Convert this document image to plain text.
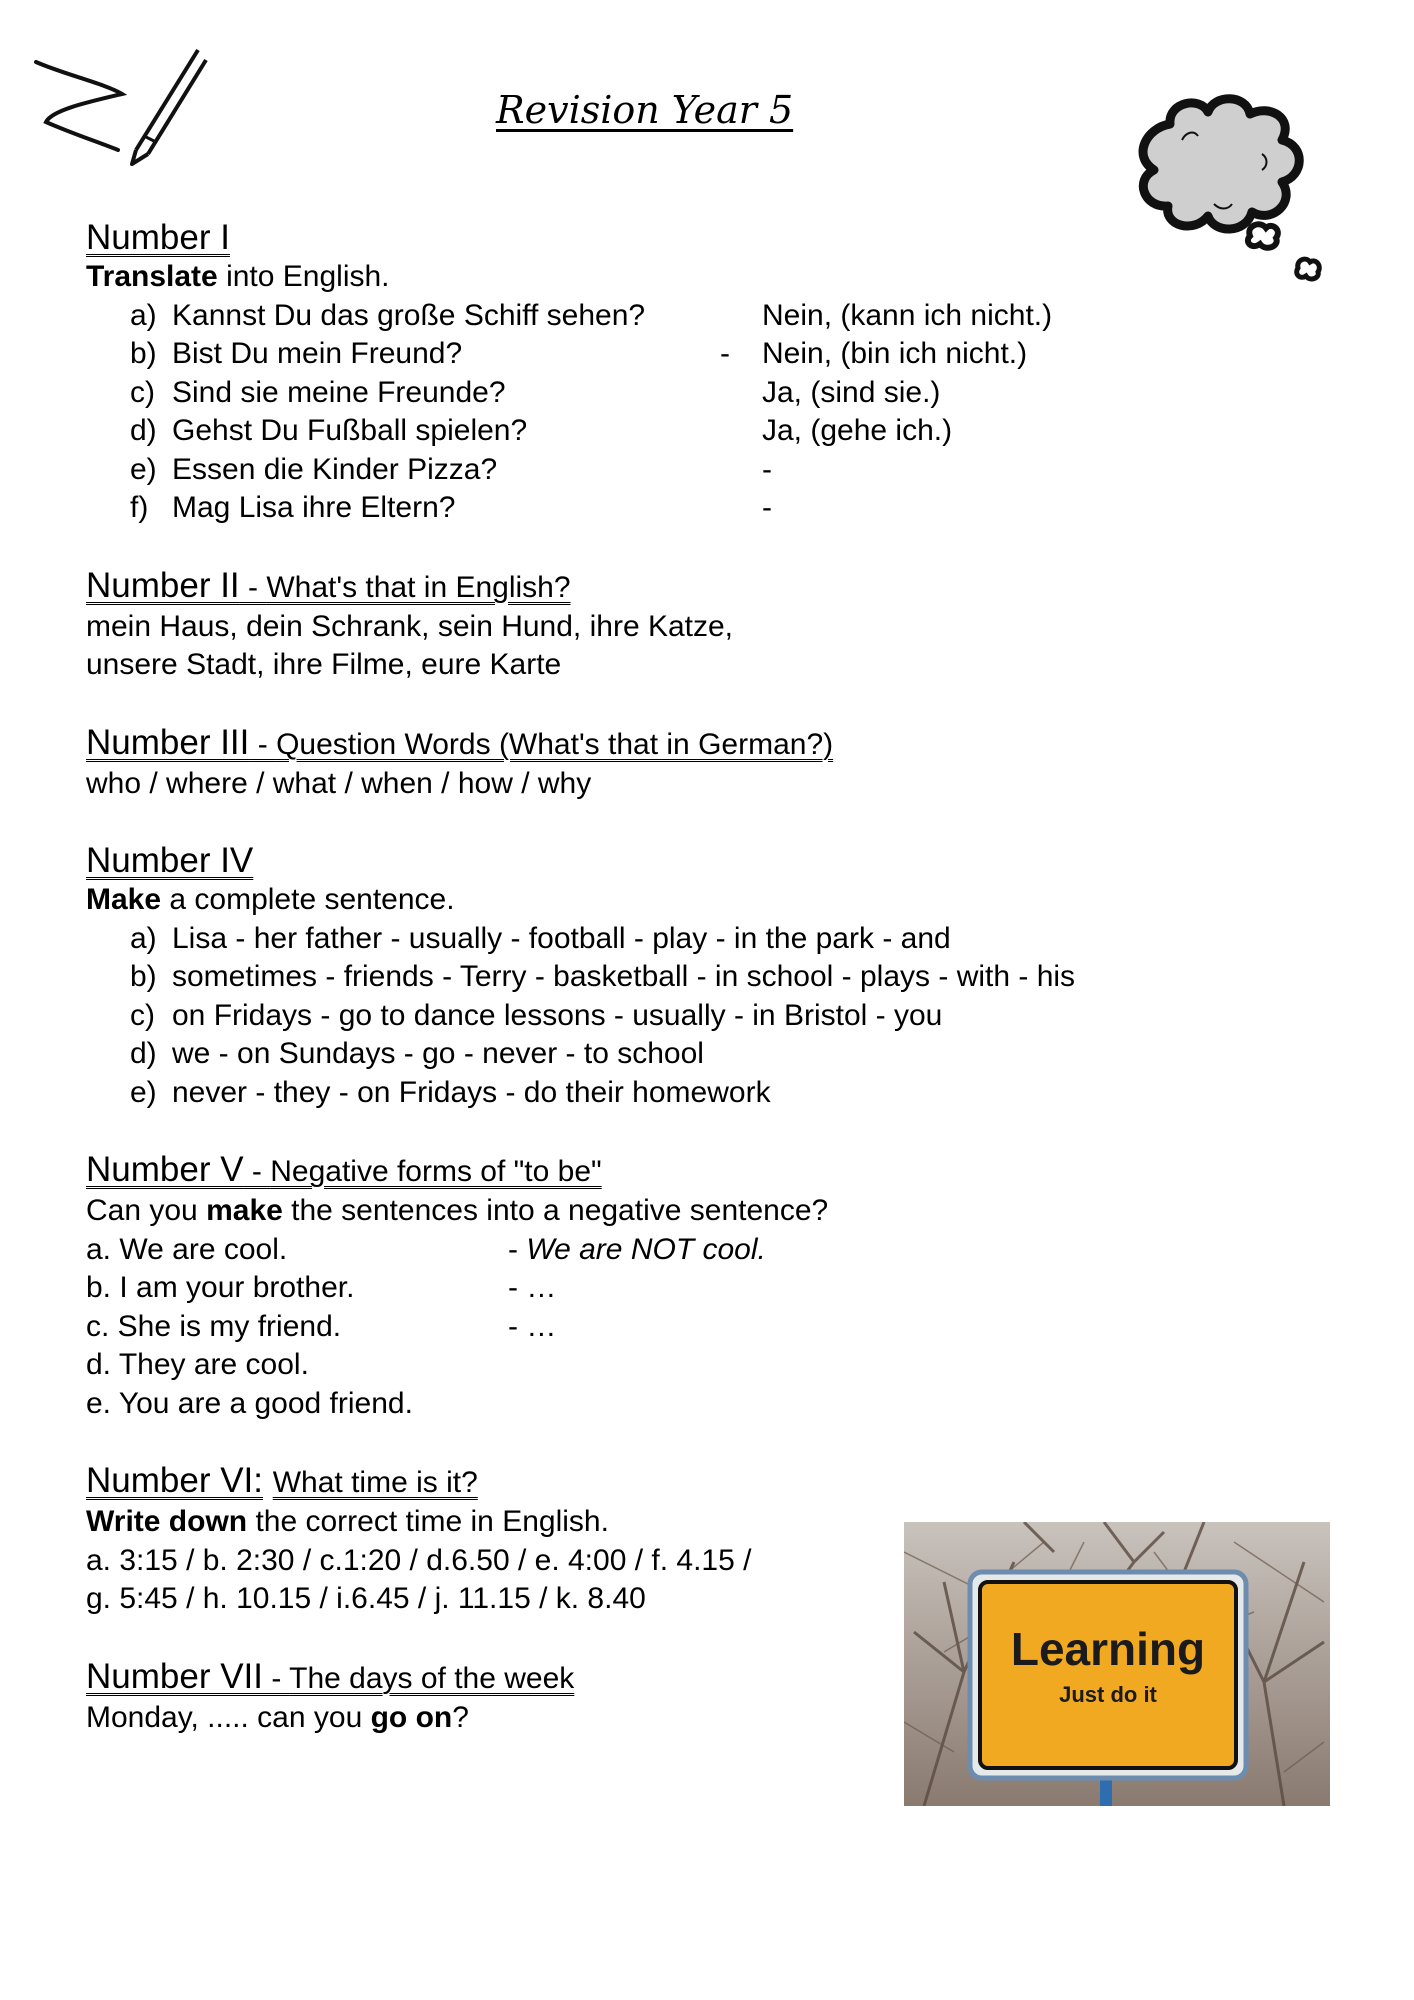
Revision Year 5
Number I
Translate into English.
a) Kannst Du das große Schiff sehen?	Nein, (kann ich nicht.)
b) Bist Du mein Freund?	- Nein, (bin ich nicht.)
c) Sind sie meine Freunde?	Ja, (sind sie.)
d) Gehst Du Fußball spielen?	Ja, (gehe ich.)
e) Essen die Kinder Pizza?	-
f) Mag Lisa ihre Eltern?	-
Number II - What's that in English?
mein Haus, dein Schrank, sein Hund, ihre Katze,
unsere Stadt, ihre Filme, eure Karte
Number III - Question Words (What's that in German?)
who / where / what / when / how / why
Number IV
Make a complete sentence.
a) Lisa - her father - usually - football - play - in the park - and
b) sometimes - friends - Terry - basketball - in school - plays - with - his
c) on Fridays - go to dance lessons - usually - in Bristol - you
d) we - on Sundays - go - never - to school
e) never - they - on Fridays - do their homework
Number V - Negative forms of "to be"
Can you make the sentences into a negative sentence?
a. We are cool.	- We are NOT cool.
b. I am your brother.	- …
c. She is my friend.	- …
d. They are cool.
e. You are a good friend.
Number VI: What time is it?
Write down the correct time in English.
a. 3:15 / b. 2:30 / c.1:20 / d.6.50 / e. 4:00 / f. 4.15 /
g. 5:45 / h. 10.15 / i.6.45 / j. 11.15 / k. 8.40
Number VII - The days of the week
Monday, ..... can you go on?
Learning
Just do it
